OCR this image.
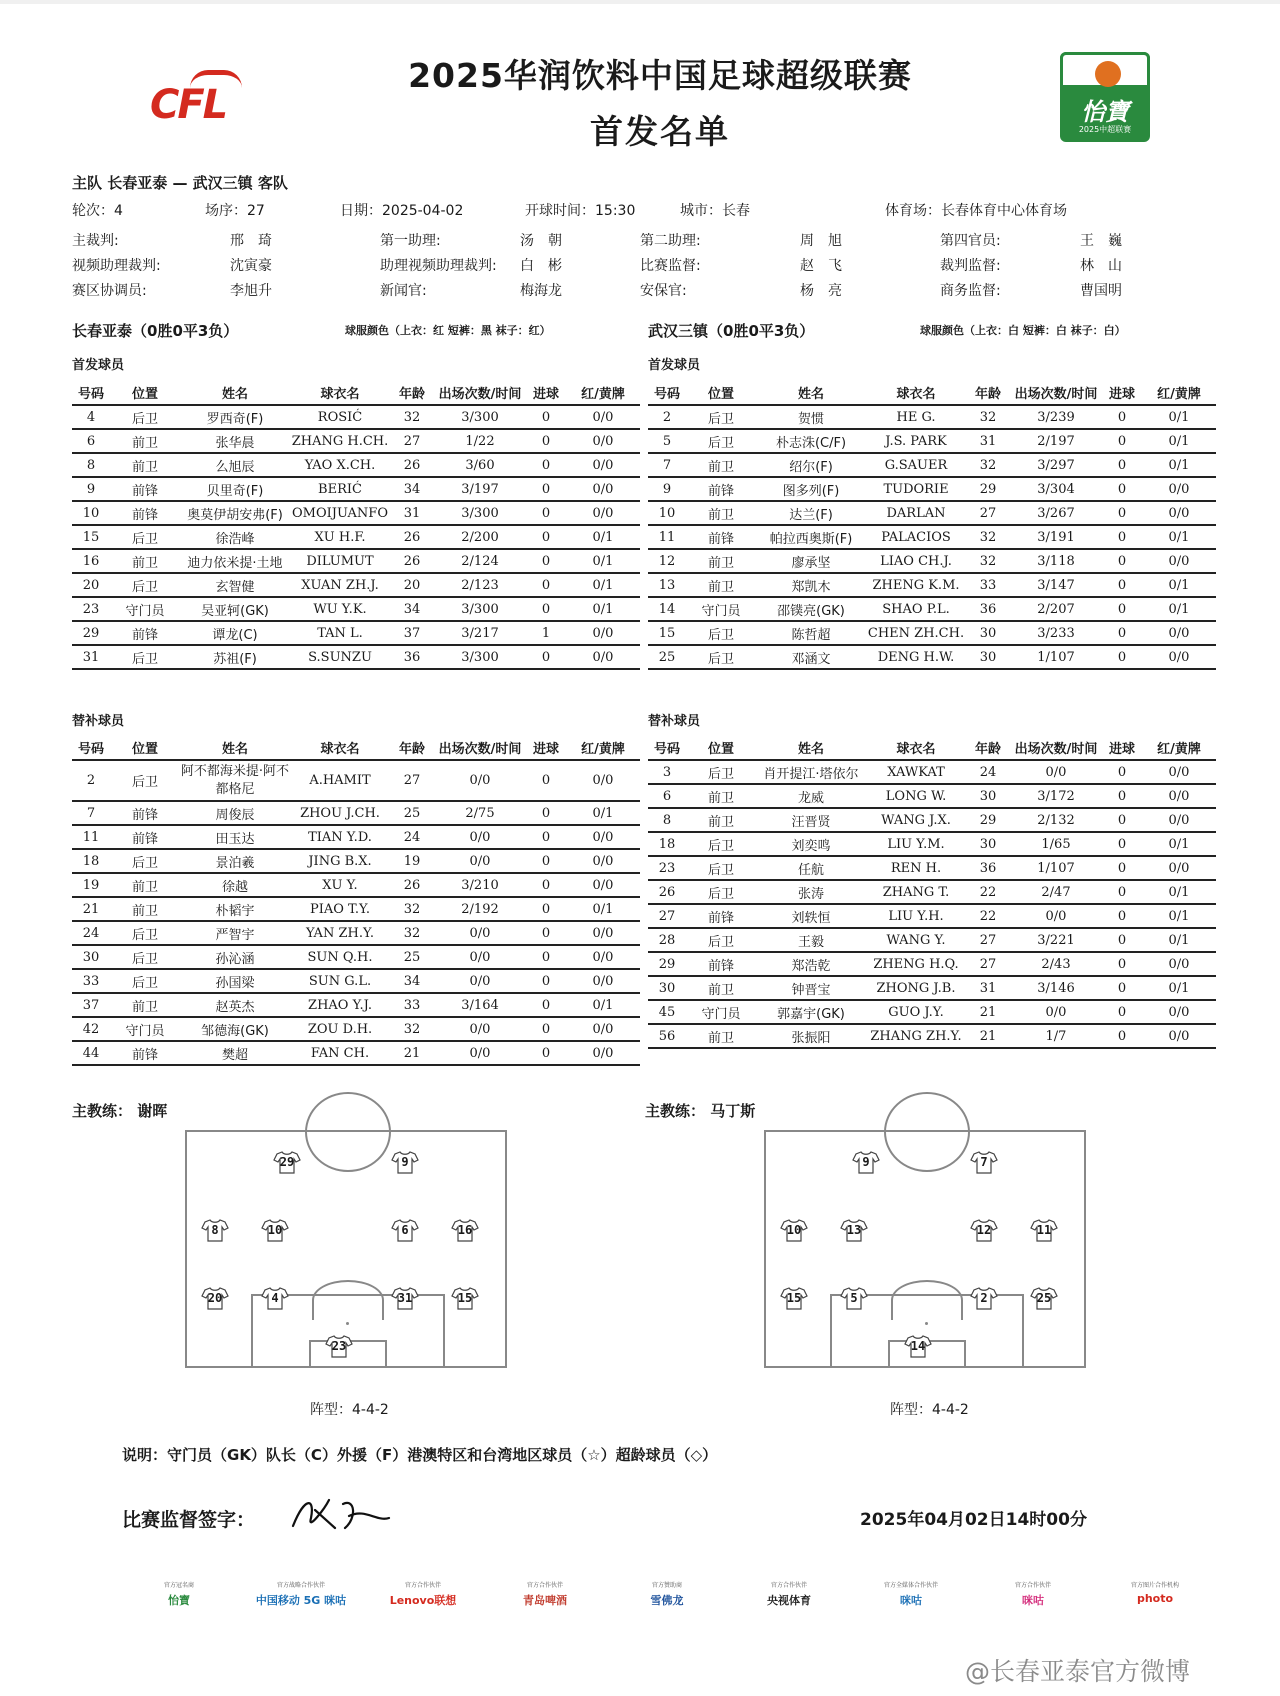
CFL
2025华润饮料中国足球超级联赛
首发名单	怡寶
2025中超联赛
主队 长春亚泰 — 武汉三镇 客队
轮次：4	场序：27	日期：2025-04-02	开球时间：15:30	城市：长春	体育场：长春体育中心体育场
主裁判:	邢　琦	第一助理:	汤　朝	第二助理:	周　旭	第四官员:	王　巍
视频助理裁判:	沈寅豪	助理视频助理裁判: 白　彬	比赛监督:	赵　飞	裁判监督:	林　山
赛区协调员:	李旭升	新闻官:	梅海龙	安保官:	杨　亮	商务监督:	曹国明
长春亚泰（0胜0平3负）	球服颜色（上衣：红 短裤：黑 袜子：红）	武汉三镇（0胜0平3负）	球服颜色（上衣：白 短裤：白 袜子：白）
首发球员	首发球员
号码	位置	姓名	球衣名	年龄	出场次数/时间	进球	红/黄牌
4	后卫	罗西奇(F)	ROSIĆ	32	3/300	0	0/0
6	前卫	张华晨	ZHANG H.CH.	27	1/22	0	0/0
8	前卫	么旭辰	YAO X.CH.	26	3/60	0	0/0
9	前锋	贝里奇(F)	BERIĆ	34	3/197	0	0/0
10	前锋	奥莫伊胡安弗(F)	OMOIJUANFO	31	3/300	0	0/0
15	后卫	徐浩峰	XU H.F.	26	2/200	0	0/1
16	前卫	迪力依米提·土地	DILUMUT	26	2/124	0	0/1
20	后卫	玄智健	XUAN ZH.J.	20	2/123	0	0/1
23	守门员	吴亚轲(GK)	WU Y.K.	34	3/300	0	0/1
29	前锋	谭龙(C)	TAN L.	37	3/217	1	0/0
31	后卫	苏祖(F)	S.SUNZU	36	3/300	0	0/0
号码	位置	姓名	球衣名	年龄	出场次数/时间	进球	红/黄牌
2	后卫	贺惯	HE G.	32	3/239	0	0/1
5	后卫	朴志洙(C/F)	J.S. PARK	31	2/197	0	0/1
7	前卫	绍尔(F)	G.SAUER	32	3/297	0	0/1
9	前锋	图多列(F)	TUDORIE	29	3/304	0	0/0
10	前卫	达兰(F)	DARLAN	27	3/267	0	0/0
11	前锋	帕拉西奥斯(F)	PALACIOS	32	3/191	0	0/1
12	前卫	廖承坚	LIAO CH.J.	32	3/118	0	0/0
13	前卫	郑凯木	ZHENG K.M.	33	3/147	0	0/1
14	守门员	邵镤亮(GK)	SHAO P.L.	36	2/207	0	0/1
15	后卫	陈哲超	CHEN ZH.CH.	30	3/233	0	0/0
25	后卫	邓涵文	DENG H.W.	30	1/107	0	0/0
替补球员	替补球员
号码	位置	姓名	球衣名	年龄	出场次数/时间	进球	红/黄牌
2	后卫	阿不都海米提·阿不都格尼	A.HAMIT	27	0/0	0	0/0
7	前锋	周俊辰	ZHOU J.CH.	25	2/75	0	0/1
11	前锋	田玉达	TIAN Y.D.	24	0/0	0	0/0
18	后卫	景泊羲	JING B.X.	19	0/0	0	0/0
19	前卫	徐越	XU Y.	26	3/210	0	0/0
21	前卫	朴韬宇	PIAO T.Y.	32	2/192	0	0/1
24	后卫	严智宇	YAN ZH.Y.	32	0/0	0	0/0
30	后卫	孙沁涵	SUN Q.H.	25	0/0	0	0/0
33	后卫	孙国梁	SUN G.L.	34	0/0	0	0/0
37	前卫	赵英杰	ZHAO Y.J.	33	3/164	0	0/1
42	守门员	邹德海(GK)	ZOU D.H.	32	0/0	0	0/0
44	前锋	樊超	FAN CH.	21	0/0	0	0/0
号码	位置	姓名	球衣名	年龄	出场次数/时间	进球	红/黄牌
3	后卫	肖开提江·塔依尔	XAWKAT	24	0/0	0	0/0
6	前卫	龙威	LONG W.	30	3/172	0	0/0
8	前卫	汪晋贤	WANG J.X.	29	2/132	0	0/0
18	后卫	刘奕鸣	LIU Y.M.	30	1/65	0	0/1
23	后卫	任航	REN H.	36	1/107	0	0/0
26	后卫	张涛	ZHANG T.	22	2/47	0	0/1
27	前锋	刘轶恒	LIU Y.H.	22	0/0	0	0/1
28	后卫	王毅	WANG Y.	27	3/221	0	0/1
29	前锋	郑浩乾	ZHENG H.Q.	27	2/43	0	0/0
30	前卫	钟晋宝	ZHONG J.B.	31	3/146	0	0/1
45	守门员	郭嘉宇(GK)	GUO J.Y.	21	0/0	0	0/0
56	前卫	张振阳	ZHANG ZH.Y.	21	1/7	0	0/0
主教练： 谢晖	主教练： 马丁斯
29	9
8	10	6	16
20	4	31	15
23
9	7
10	13	12	11
15	5	2	25
14
阵型：4-4-2	阵型：4-4-2
说明：守门员（GK）队长（C）外援（F）港澳特区和台湾地区球员（☆）超龄球员（◇）
比赛监督签字：	2025年04月02日14时00分
官方冠名商
怡寶
官方战略合作伙伴
中国移动 5G 咪咕
官方合作伙伴
Lenovo联想
官方合作伙伴
青岛啤酒
官方赞助商
雪佛龙
官方合作伙伴
央视体育
官方全媒体合作伙伴
咪咕
官方合作伙伴
咪咕
官方图片合作机构
photo
@长春亚泰官方微博
